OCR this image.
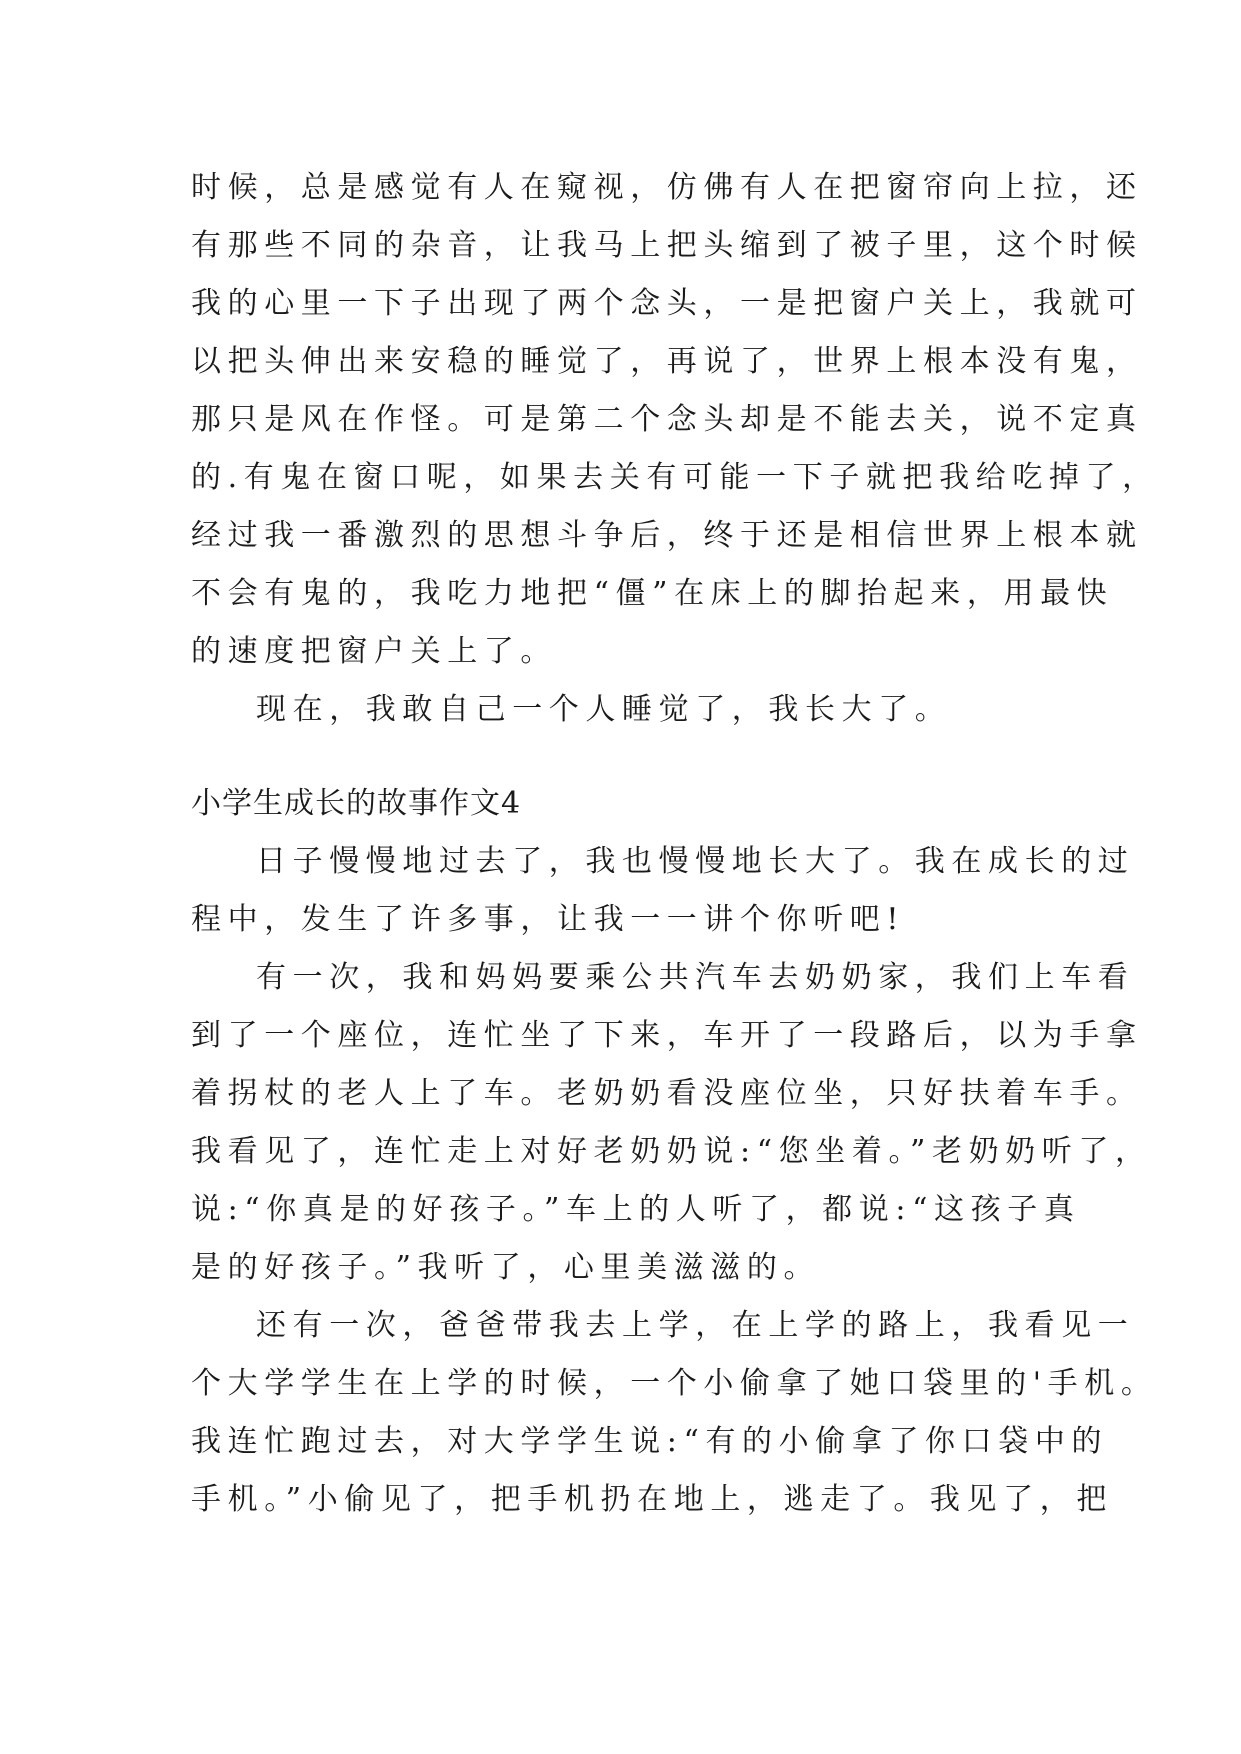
时候，总是感觉有人在窥视，仿佛有人在把窗帘向上拉，还
有那些不同的杂音，让我马上把头缩到了被子里，这个时候
我的心里一下子出现了两个念头，一是把窗户关上，我就可
以把头伸出来安稳的睡觉了，再说了，世界上根本没有鬼，
那只是风在作怪。可是第二个念头却是不能去关，说不定真
的.有鬼在窗口呢，如果去关有可能一下子就把我给吃掉了，
经过我一番激烈的思想斗争后，终于还是相信世界上根本就
不会有鬼的，我吃力地把“僵”在床上的脚抬起来，用最快
的速度把窗户关上了。
现在，我敢自己一个人睡觉了，我长大了。
小学生成长的故事作文4
日子慢慢地过去了，我也慢慢地长大了。我在成长的过
程中，发生了许多事，让我一一讲个你听吧!
有一次，我和妈妈要乘公共汽车去奶奶家，我们上车看
到了一个座位，连忙坐了下来，车开了一段路后，以为手拿
着拐杖的老人上了车。老奶奶看没座位坐，只好扶着车手。
我看见了，连忙走上对好老奶奶说:“您坐着。”老奶奶听了，
说:“你真是的好孩子。”车上的人听了，都说:“这孩子真
是的好孩子。”我听了，心里美滋滋的。
还有一次，爸爸带我去上学，在上学的路上，我看见一
个大学学生在上学的时候，一个小偷拿了她口袋里的'手机。
我连忙跑过去，对大学学生说:“有的小偷拿了你口袋中的
手机。”小偷见了，把手机扔在地上，逃走了。我见了，把
